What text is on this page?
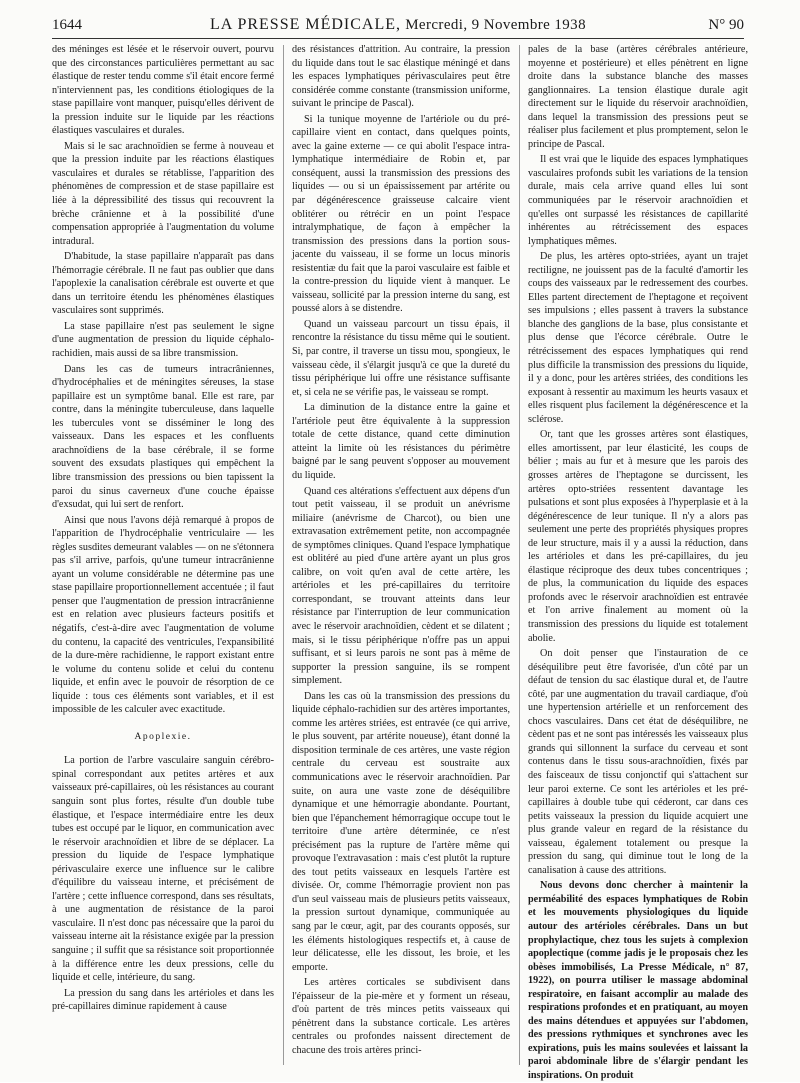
1644	LA PRESSE MÉDICALE, Mercredi, 9 Novembre 1938	N° 90

des méninges est lésée et le réservoir ouvert, pourvu que des circonstances particulières permettant au sac élastique de rester tendu comme s'il était encore fermé n'interviennent pas, les conditions étiologiques de la stase papillaire vont manquer, puisqu'elles dérivent de la pression induite sur le liquide par les réactions élastiques vasculaires et durales.

Mais si le sac arachnoïdien se ferme à nouveau et que la pression induite par les réactions élastiques vasculaires et durales se rétablisse, l'apparition des phénomènes de compression et de stase papillaire est liée à la dépressibilité des tissus qui recouvrent la brèche crânienne et à la possibilité d'une compensation appropriée à l'augmentation du volume intradural.

D'habitude, la stase papillaire n'apparaît pas dans l'hémorragie cérébrale. Il ne faut pas oublier que dans l'apoplexie la canalisation cérébrale est ouverte et que dans un territoire étendu les phénomènes élastiques vasculaires sont supprimés.

La stase papillaire n'est pas seulement le signe d'une augmentation de pression du liquide céphalo-rachidien, mais aussi de sa libre transmission.

Dans les cas de tumeurs intracrâniennes, d'hydrocéphalies et de méningites séreuses, la stase papillaire est un symptôme banal. Elle est rare, par contre, dans la méningite tuberculeuse, dans laquelle les tubercules vont se disséminer le long des vaisseaux. Dans les espaces et les confluents arachnoïdiens de la base cérébrale, il se forme souvent des exsudats plastiques qui empêchent la libre transmission des pressions ou bien tapissent la paroi du sinus caverneux d'une couche épaisse d'exsudat, qui lui sert de renfort.

Ainsi que nous l'avons déjà remarqué à propos de l'apparition de l'hydrocéphalie ventriculaire — les règles susdites demeurant valables — on ne s'étonnera pas s'il arrive, parfois, qu'une tumeur intracrânienne ayant un volume considérable ne détermine pas une stase papillaire proportionnellement accentuée ; il faut penser que l'augmentation de pression intracrânienne est en relation avec plusieurs facteurs positifs et négatifs, c'est-à-dire avec l'augmentation de volume du contenu, la capacité des ventricules, l'expansibilité de la dure-mère rachidienne, le rapport existant entre le volume du contenu solide et celui du contenu liquide, et enfin avec le pouvoir de résorption de ce liquide : tous ces éléments sont variables, et il est impossible de les calculer avec exactitude.

Apoplexie.

La portion de l'arbre vasculaire sanguin cérébro-spinal correspondant aux petites artères et aux vaisseaux pré-capillaires, où les résistances au courant sanguin sont plus fortes, résulte d'un double tube élastique, et l'espace intermédiaire entre les deux tubes est occupé par le liquor, en communication avec le réservoir arachnoïdien et libre de se déplacer. La pression du liquide de l'espace lymphatique périvasculaire exerce une influence sur le calibre d'équilibre du vaisseau interne, et précisément de l'artère ; cette influence correspond, dans ses résultats, à une augmentation de résistance de la paroi vasculaire. Il n'est donc pas nécessaire que la paroi du vaisseau interne ait la résistance exigée par la pression sanguine ; il suffit que sa résistance soit proportionnée à la différence entre les deux pressions, celle du liquide et celle, intérieure, du sang.

La pression du sang dans les artérioles et dans les pré-capillaires diminue rapidement à cause

des résistances d'attrition. Au contraire, la pression du liquide dans tout le sac élastique méningé et dans les espaces lymphatiques périvasculaires peut être considérée comme constante (transmission uniforme, suivant le principe de Pascal).

Si la tunique moyenne de l'artériole ou du pré-capillaire vient en contact, dans quelques points, avec la gaine externe — ce qui abolit l'espace intra-lymphatique intermédiaire de Robin et, par conséquent, aussi la transmission des pressions des liquides — ou si un épaississement par artérite ou par dégénérescence graisseuse calcaire vient oblitérer ou rétrécir en un point l'espace intralymphatique, de façon à empêcher la transmission des pressions dans la portion sous-jacente du vaisseau, il se forme un locus minoris resistentiæ du fait que la paroi vasculaire est faible et la contre-pression du liquide vient à manquer. Le vaisseau, sollicité par la pression interne du sang, est poussé alors à se distendre.

Quand un vaisseau parcourt un tissu épais, il rencontre la résistance du tissu même qui le soutient. Si, par contre, il traverse un tissu mou, spongieux, le vaisseau cède, il s'élargit jusqu'à ce que la dureté du tissu périphérique lui offre une résistance suffisante et, si cela ne se vérifie pas, le vaisseau se rompt.

La diminution de la distance entre la gaine et l'artériole peut être équivalente à la suppression totale de cette distance, quand cette diminution atteint la limite où les résistances du périmètre baigné par le sang peuvent s'opposer au mouvement du liquide.

Quand ces altérations s'effectuent aux dépens d'un tout petit vaisseau, il se produit un anévrisme miliaire (anévrisme de Charcot), ou bien une extravasation extrêmement petite, non accompagnée de symptômes cliniques. Quand l'espace lymphatique est oblitéré au pied d'une artère ayant un plus gros calibre, on voit qu'en aval de cette artère, les artérioles et les pré-capillaires du territoire correspondant, se trouvant atteints dans leur résistance par l'interruption de leur communication avec le réservoir arachnoïdien, cèdent et se dilatent ; mais, si le tissu périphérique n'offre pas un appui suffisant, et si leurs parois ne sont pas à même de supporter la pression sanguine, ils se rompent simplement.

Dans les cas où la transmission des pressions du liquide céphalo-rachidien sur des artères importantes, comme les artères striées, est entravée (ce qui arrive, le plus souvent, par artérite noueuse), étant donné la disposition terminale de ces artères, une vaste région centrale du cerveau est soustraite aux communications avec le réservoir arachnoïdien. Par suite, on aura une vaste zone de déséquilibre dynamique et une hémorragie abondante. Pourtant, bien que l'épanchement hémorragique occupe tout le territoire d'une artère déterminée, ce n'est précisément pas la rupture de l'artère même qui provoque l'extravasation : mais c'est plutôt la rupture des tout petits vaisseaux en lesquels l'artère est divisée. Or, comme l'hémorragie provient non pas d'un seul vaisseau mais de plusieurs petits vaisseaux, la pression surtout dynamique, communiquée au sang par le cœur, agit, par des courants opposés, sur les éléments histologiques respectifs et, à cause de leur délicatesse, elle les dissout, les broie, et les emporte.

Les artères corticales se subdivisent dans l'épaisseur de la pie-mère et y forment un réseau, d'où partent de très minces petits vaisseaux qui pénètrent dans la substance corticale. Les artères centrales ou profondes naissent directement de chacune des trois artères princi-

pales de la base (artères cérébrales antérieure, moyenne et postérieure) et elles pénètrent en ligne droite dans la substance blanche des masses ganglionnaires. La tension élastique durale agit directement sur le liquide du réservoir arachnoïdien, dans lequel la transmission des pressions peut se réaliser plus facilement et plus promptement, selon le principe de Pascal.

Il est vrai que le liquide des espaces lymphatiques vasculaires profonds subit les variations de la tension durale, mais cela arrive quand elles lui sont communiquées par le réservoir arachnoïdien et qu'elles ont surpassé les résistances de capillarité inhérentes au rétrécissement des espaces lymphatiques mêmes.

De plus, les artères opto-striées, ayant un trajet rectiligne, ne jouissent pas de la faculté d'amortir les coups des vaisseaux par le redressement des courbes. Elles partent directement de l'heptagone et reçoivent ses impulsions ; elles passent à travers la substance blanche des ganglions de la base, plus consistante et plus dense que l'écorce cérébrale. Outre le rétrécissement des espaces lymphatiques qui rend plus difficile la transmission des pressions du liquide, il y a donc, pour les artères striées, des conditions les exposant à ressentir au maximum les heurts vasaux et elles risquent plus facilement la dégénérescence et la sclérose.

Or, tant que les grosses artères sont élastiques, elles amortissent, par leur élasticité, les coups de bélier ; mais au fur et à mesure que les parois des grosses artères de l'heptagone se durcissent, les artères opto-striées ressentent davantage les pulsations et sont plus exposées à l'hyperplasie et à la dégénérescence de leur tunique. Il n'y a alors pas seulement une perte des propriétés physiques propres de leur structure, mais il y a aussi la réduction, dans les artérioles et dans les pré-capillaires, du jeu élastique réciproque des deux tubes concentriques ; de plus, la communication du liquide des espaces profonds avec le réservoir arachnoïdien est entravée et l'on arrive finalement au moment où la transmission des pressions du liquide est totalement abolie.

On doit penser que l'instauration de ce déséquilibre peut être favorisée, d'un côté par un défaut de tension du sac élastique dural et, de l'autre côté, par une augmentation du travail cardiaque, d'où une hypertension artérielle et un renforcement des chocs vasculaires. Dans cet état de déséquilibre, ne cèdent pas et ne sont pas intéressés les vaisseaux plus grands qui sillonnent la surface du cerveau et sont contenus dans le tissu sous-arachnoïdien, fixés par des faisceaux de tissu conjonctif qui s'attachent sur leur paroi externe. Ce sont les artérioles et les pré-capillaires à double tube qui céderont, car dans ces petits vaisseaux la pression du liquide acquiert une plus grande valeur en regard de la résistance du vaisseau, également totalement ou presque la pression du sang, qui diminue tout le long de la canalisation à cause des attritions.

Nous devons donc chercher à maintenir la perméabilité des espaces lymphatiques de Robin et les mouvements physiologiques du liquide autour des artérioles cérébrales. Dans un but prophylactique, chez tous les sujets à complexion apoplectique (comme jadis je le proposais chez les obèses immobilisés, La Presse Médicale, n° 87, 1922), on pourra utiliser le massage abdominal respiratoire, en faisant accomplir au malade des respirations profondes et en pratiquant, au moyen des mains détendues et appuyées sur l'abdomen, des pressions rythmiques et synchrones avec les expirations, puis les mains soulevées et laissant la paroi abdominale libre de s'élargir pendant les inspirations. On produit
